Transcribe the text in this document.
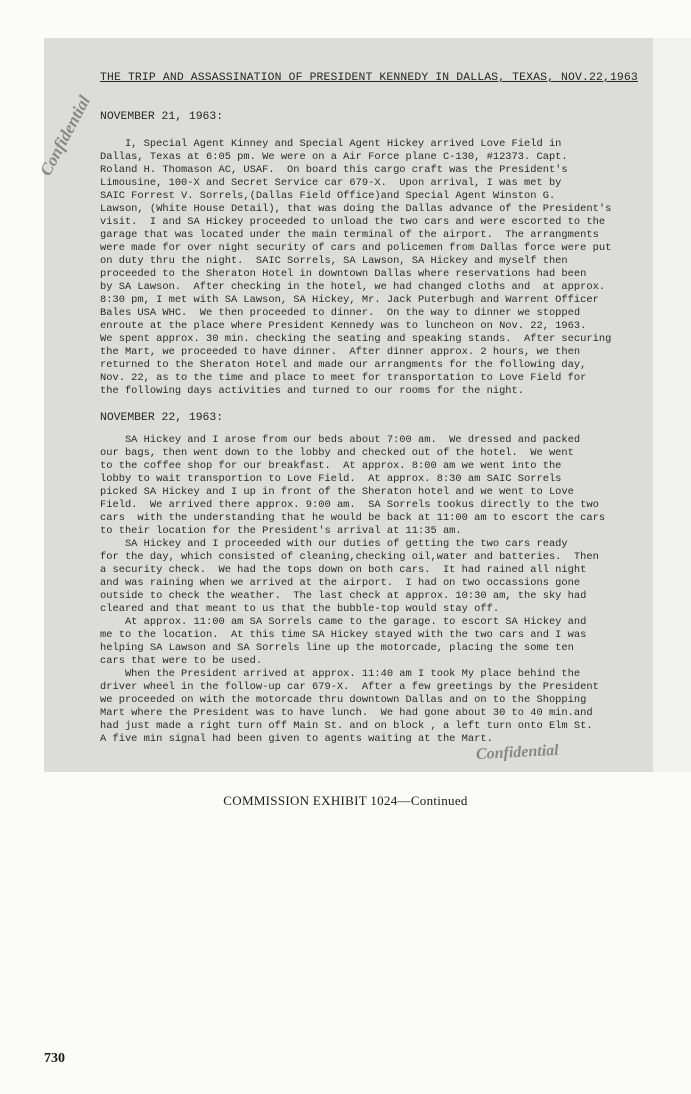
THE TRIP AND ASSASSINATION OF PRESIDENT KENNEDY IN DALLAS, TEXAS, NOV.22,1963
NOVEMBER 21, 1963:
I, Special Agent Kinney and Special Agent Hickey arrived Love Field in
Dallas, Texas at 6:05 pm. We were on a Air Force plane C-130, #12373. Capt.
Roland H. Thomason AC, USAF.  On board this cargo craft was the President's
Limousine, 100-X and Secret Service car 679-X.  Upon arrival, I was met by
SAIC Forrest V. Sorrels,(Dallas Field Office)and Special Agent Winston G.
Lawson, (White House Detail), that was doing the Dallas advance of the President's
visit.  I and SA Hickey proceeded to unload the two cars and were escorted to the
garage that was located under the main terminal of the airport.  The arrangments
were made for over night security of cars and policemen from Dallas force were put
on duty thru the night.  SAIC Sorrels, SA Lawson, SA Hickey and myself then
proceeded to the Sheraton Hotel in downtown Dallas where reservations had been
by SA Lawson.  After checking in the hotel, we had changed cloths and  at approx.
8:30 pm, I met with SA Lawson, SA Hickey, Mr. Jack Puterbugh and Warrent Officer
Bales USA WHC.  We then proceeded to dinner.  On the way to dinner we stopped
enroute at the place where President Kennedy was to luncheon on Nov. 22, 1963.
We spent approx. 30 min. checking the seating and speaking stands.  After securing
the Mart, we proceeded to have dinner.  After dinner approx. 2 hours, we then
returned to the Sheraton Hotel and made our arrangments for the following day,
Nov. 22, as to the time and place to meet for transportation to Love Field for
the following days activities and turned to our rooms for the night.
NOVEMBER 22, 1963:
SA Hickey and I arose from our beds about 7:00 am.  We dressed and packed
our bags, then went down to the lobby and checked out of the hotel.  We went
to the coffee shop for our breakfast.  At approx. 8:00 am we went into the
lobby to wait transportion to Love Field.  At approx. 8:30 am SAIC Sorrels
picked SA Hickey and I up in front of the Sheraton hotel and we went to Love
Field.  We arrived there approx. 9:00 am.  SA Sorrels tookus directly to the two
cars  with the understanding that he would be back at 11:00 am to escort the cars
to their location for the President's arrival at 11:35 am.
SA Hickey and I proceeded with our duties of getting the two cars ready
for the day, which consisted of cleaning,checking oil,water and batteries.  Then
a security check.  We had the tops down on both cars.  It had rained all night
and was raining when we arrived at the airport.  I had on two occassions gone
outside to check the weather.  The last check at approx. 10:30 am, the sky had
cleared and that meant to us that the bubble-top would stay off.
At approx. 11:00 am SA Sorrels came to the garage. to escort SA Hickey and
me to the location.  At this time SA Hickey stayed with the two cars and I was
helping SA Lawson and SA Sorrels line up the motorcade, placing the some ten
cars that were to be used.
When the President arrived at approx. 11:40 am I took My place behind the
driver wheel in the follow-up car 679-X.  After a few greetings by the President
we proceeded on with the motorcade thru downtown Dallas and on to the Shopping
Mart where the President was to have lunch.  We had gone about 30 to 40 min.and
had just made a right turn off Main St. and on block , a left turn onto Elm St.
A five min signal had been given to agents waiting at the Mart.
Confidential
Confidential
COMMISSION EXHIBIT 1024—Continued
730
